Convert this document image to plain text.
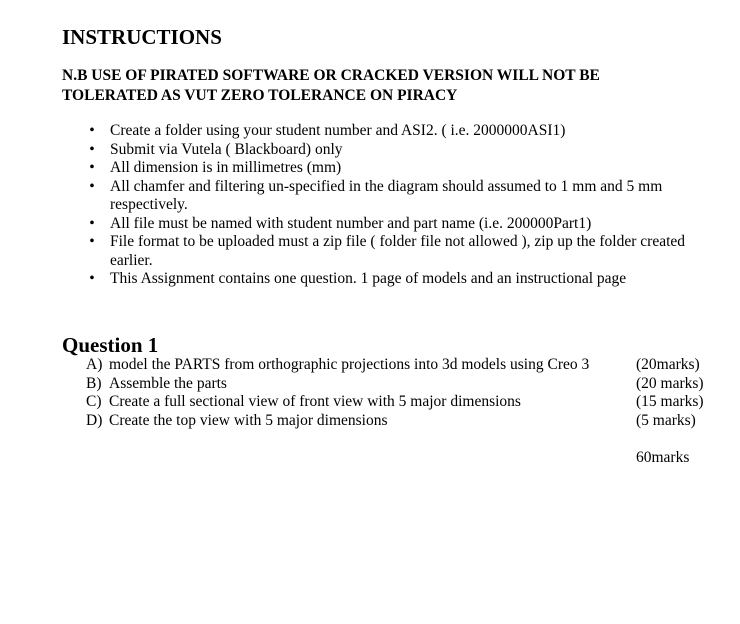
INSTRUCTIONS

N.B USE OF PIRATED SOFTWARE OR CRACKED VERSION WILL NOT BE
TOLERATED AS VUT ZERO TOLERANCE ON PIRACY

• Create a folder using your student number and ASI2. ( i.e. 2000000ASI1)
• Submit via Vutela ( Blackboard) only
• All dimension is in millimetres (mm)
• All chamfer and filtering un-specified in the diagram should assumed to 1 mm and 5 mm respectively.
• All file must be named with student number and part name (i.e. 200000Part1)
• File format to be uploaded must a zip file ( folder file not allowed ), zip up the folder created earlier.
• This Assignment contains one question. 1 page of models and an instructional page
Question 1
A) model the PARTS from orthographic projections into 3d models using Creo 3	(20marks)
B) Assemble the parts	(20 marks)
C) Create a full sectional view of front view with 5 major dimensions	(15 marks)
D) Create the top view with 5 major dimensions	(5 marks)

60marks
